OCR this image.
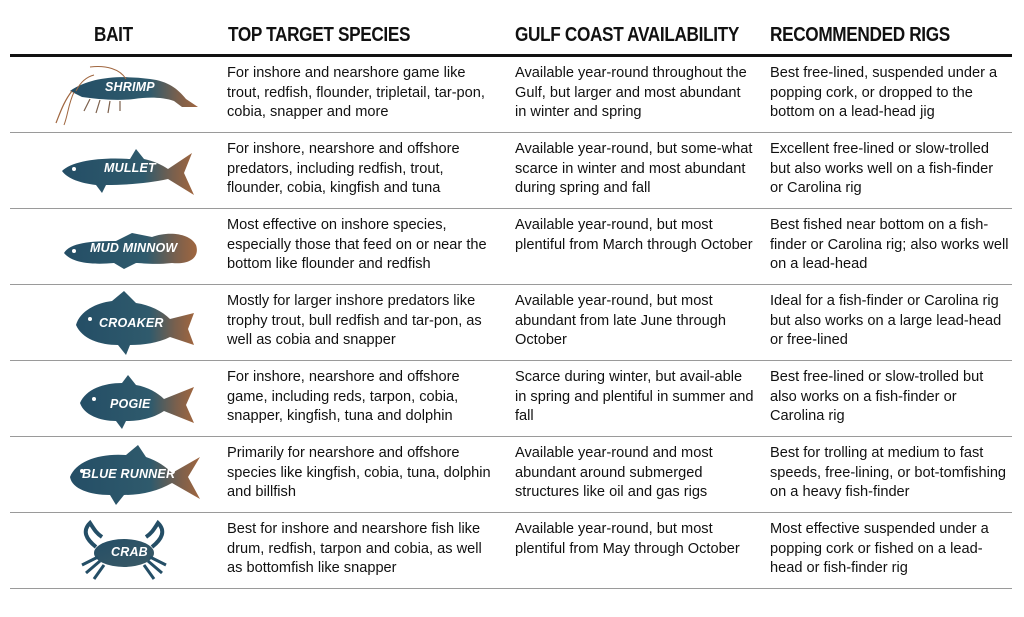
BAIT	TOP TARGET SPECIES	GULF COAST AVAILABILITY RECOMMENDED RIGS
SHRIMP
For inshore and nearshore game like trout, redfish, flounder, tripletail, tar-pon, cobia, snapper and more
Available year-round throughout the Gulf, but larger and most abundant in winter and spring
Best free-lined, suspended under a popping cork, or dropped to the bottom on a lead-head jig
MULLET
For inshore, nearshore and offshore predators, including redfish, trout, flounder, cobia, kingfish and tuna
Available year-round, but some-what scarce in winter and most abundant during spring and fall
Excellent free-lined or slow-trolled but also works well on a fish-finder or Carolina rig
MUD MINNOW
Most effective on inshore species, especially those that feed on or near the bottom like flounder and redfish
Available year-round, but most plentiful from March through October
Best fished near bottom on a fish-finder or Carolina rig; also works well on a lead-head
CROAKER
Mostly for larger inshore predators like trophy trout, bull redfish and tar-pon, as well as cobia and snapper
Available year-round, but most abundant from late June through October
Ideal for a fish-finder or Carolina rig but also works on a large lead-head or free-lined
POGIE
For inshore, nearshore and offshore game, including reds, tarpon, cobia, snapper, kingfish, tuna and dolphin
Scarce during winter, but avail-able in spring and plentiful in summer and fall
Best free-lined or slow-trolled but also works on a fish-finder or Carolina rig
BLUE RUNNER
Primarily for nearshore and offshore species like kingfish, cobia, tuna, dolphin and billfish
Available year-round and most abundant around submerged structures like oil and gas rigs
Best for trolling at medium to fast speeds, free-lining, or bot-tomfishing on a heavy fish-finder
CRAB
Best for inshore and nearshore fish like drum, redfish, tarpon and cobia, as well as bottomfish like snapper
Available year-round, but most plentiful from May through October
Most effective suspended under a popping cork or fished on a lead-head or fish-finder rig
